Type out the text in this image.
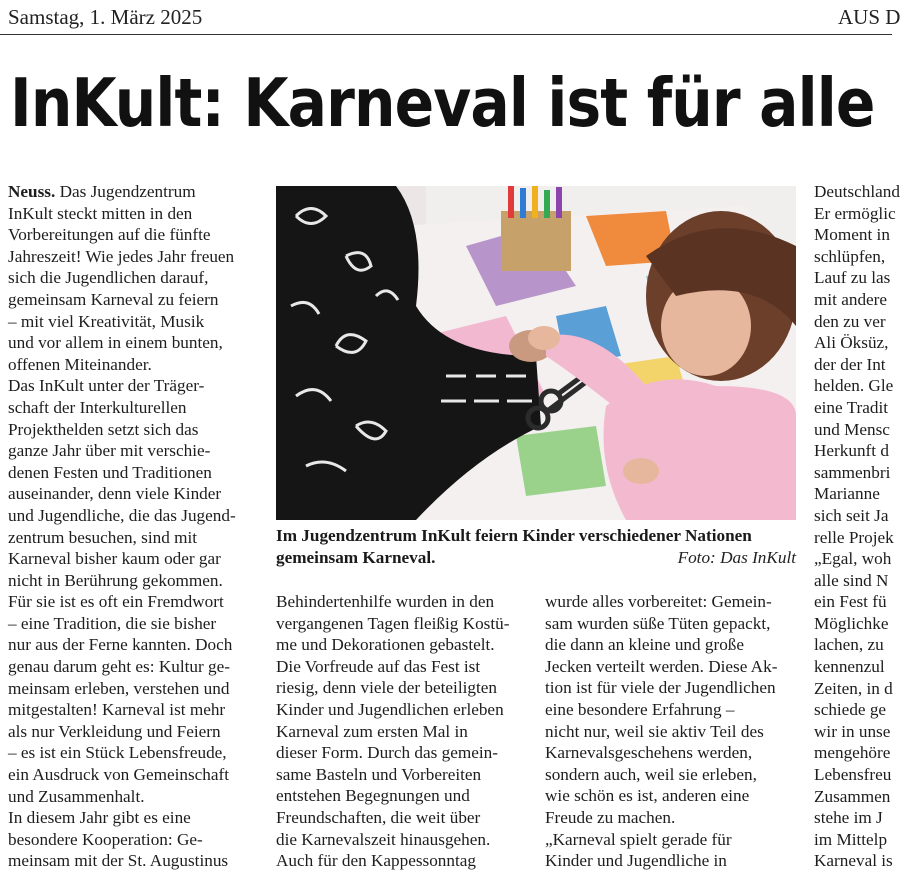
Samstag, 1. März 2025	AUS D
InKult: Karneval ist für alle
Neuss. Das Jugendzentrum
InKult steckt mitten in den
Vorbereitungen auf die fünfte
Jahreszeit! Wie jedes Jahr freuen
sich die Jugendlichen darauf,
gemeinsam Karneval zu feiern
– mit viel Kreativität, Musik
und vor allem in einem bunten,
offenen Miteinander.
Das InKult unter der Träger-
schaft der Interkulturellen
Projekthelden setzt sich das
ganze Jahr über mit verschie-
denen Festen und Traditionen
auseinander, denn viele Kinder
und Jugendliche, die das Jugend-
zentrum besuchen, sind mit
Karneval bisher kaum oder gar
nicht in Berührung gekommen.
Für sie ist es oft ein Fremdwort
– eine Tradition, die sie bisher
nur aus der Ferne kannten. Doch
genau darum geht es: Kultur ge-
meinsam erleben, verstehen und
mitgestalten! Karneval ist mehr
als nur Verkleidung und Feiern
– es ist ein Stück Lebensfreude,
ein Ausdruck von Gemeinschaft
und Zusammenhalt.
In diesem Jahr gibt es eine
besondere Kooperation: Ge-
meinsam mit der St. Augustinus
Im Jugendzentrum InKult feiern Kinder verschiedener Nationen
gemeinsam Karneval.	Foto: Das InKult
Behindertenhilfe wurden in den
vergangenen Tagen fleißig Kostü-
me und Dekorationen gebastelt.
Die Vorfreude auf das Fest ist
riesig, denn viele der beteiligten
Kinder und Jugendlichen erleben
Karneval zum ersten Mal in
dieser Form. Durch das gemein-
same Basteln und Vorbereiten
entstehen Begegnungen und
Freundschaften, die weit über
die Karnevalszeit hinausgehen.
Auch für den Kappessonntag
wurde alles vorbereitet: Gemein-
sam wurden süße Tüten gepackt,
die dann an kleine und große
Jecken verteilt werden. Diese Ak-
tion ist für viele der Jugendlichen
eine besondere Erfahrung –
nicht nur, weil sie aktiv Teil des
Karnevalsgeschehens werden,
sondern auch, weil sie erleben,
wie schön es ist, anderen eine
Freude zu machen.
„Karneval spielt gerade für
Kinder und Jugendliche in
Deutschland
Er ermöglic
Moment in
schlüpfen,
Lauf zu las
mit andere
den zu ver
Ali Öksüz,
der der Int
helden. Gle
eine Tradit
und Mensc
Herkunft d
sammenbri
Marianne
sich seit Ja
relle Projek
„Egal, woh
alle sind N
ein Fest fü
Möglichke
lachen, zu
kennenzul
Zeiten, in d
schiede ge
wir in unse
mengehöre
Lebensfreu
Zusammen
stehe im J
im Mittelp
Karneval is
